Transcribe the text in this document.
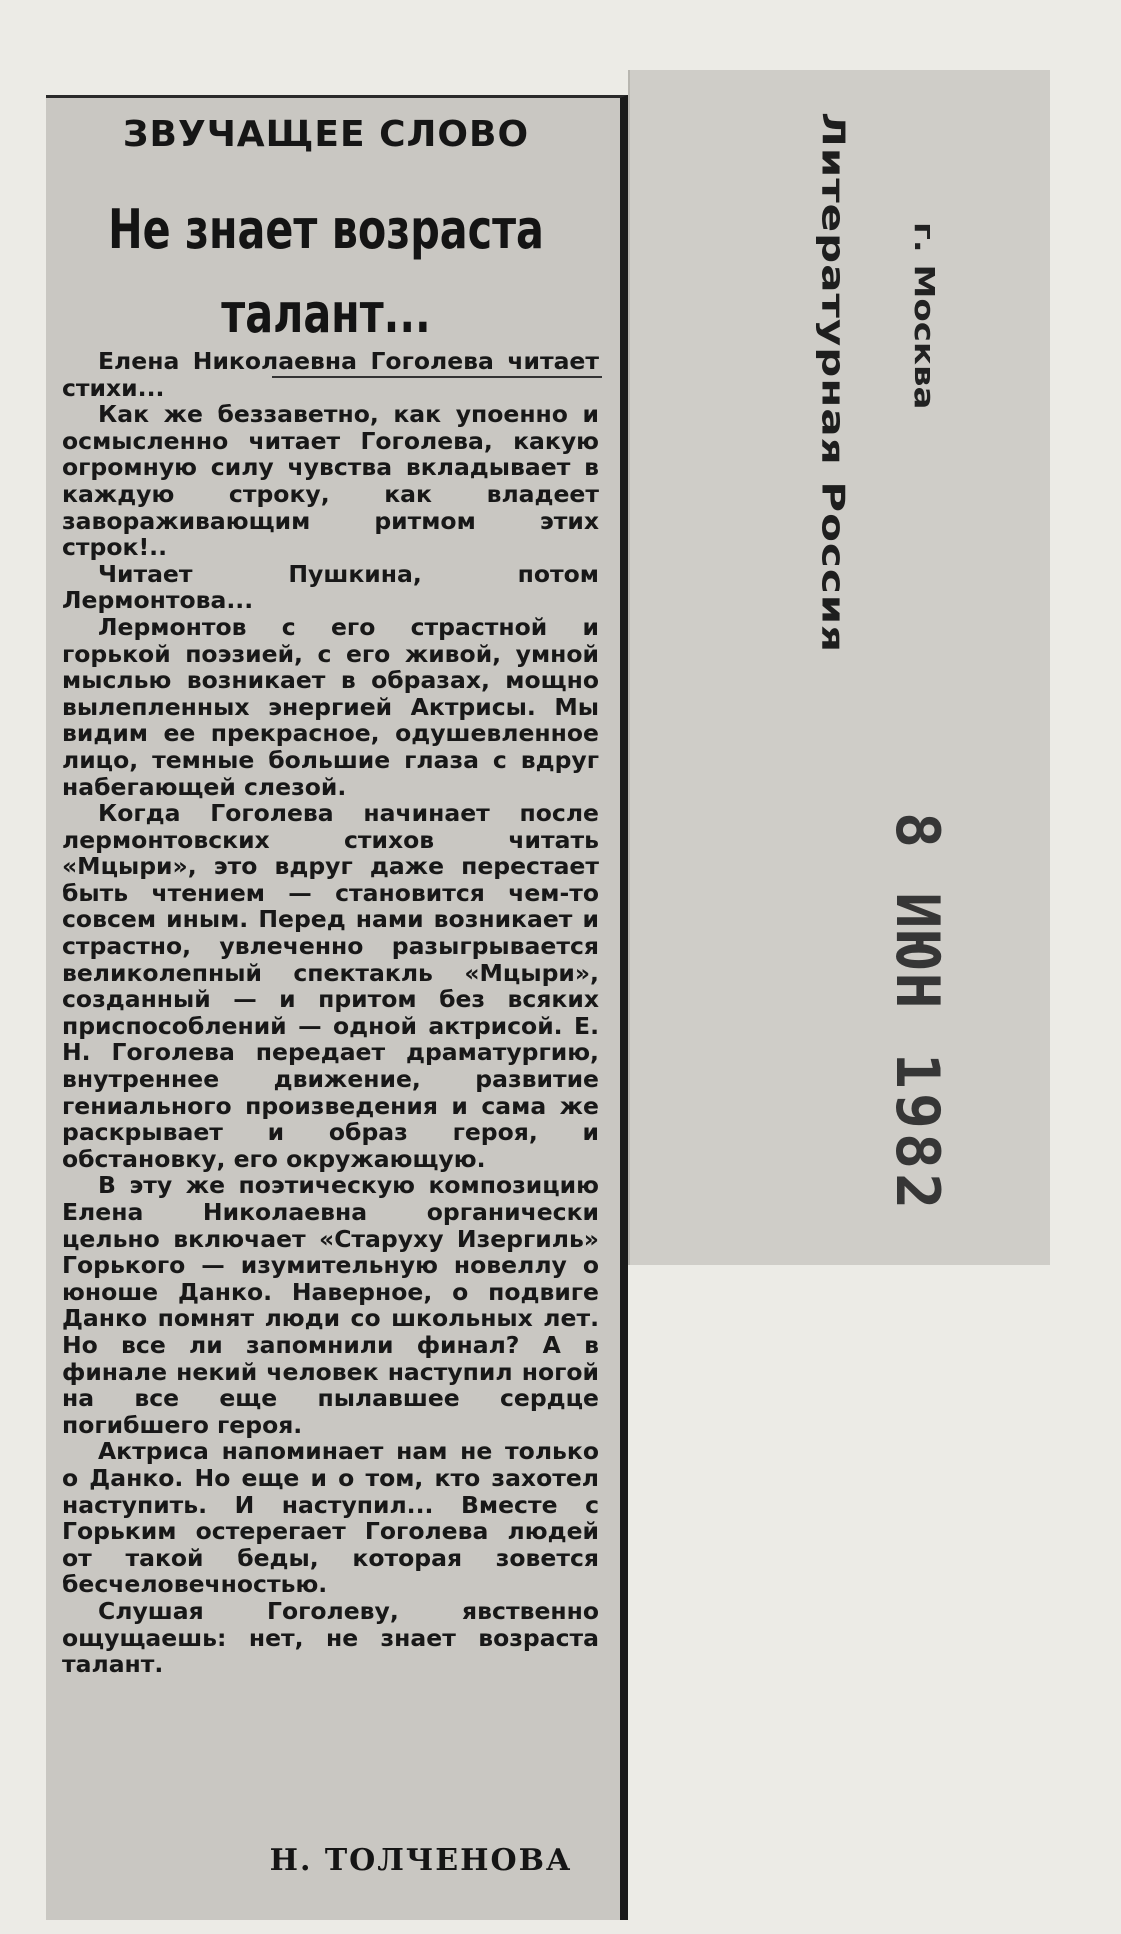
Литературная Россия г. Москва
8 ИЮН 1982
ЗВУЧАЩЕЕ СЛОВО
Не знает возраста
талант...

Елена Николаевна Гоголева читает стихи...

Как же беззаветно, как упоенно и осмысленно читает Гоголева, какую огромную силу чувства вкладывает в каждую строку, как владеет завораживающим ритмом этих строк!..

Читает Пушкина, потом Лермонтова...

Лермонтов с его страстной и горькой поэзией, с его живой, умной мыслью возникает в образах, мощно вылепленных энергией Актрисы. Мы видим ее прекрасное, одушевленное лицо, темные большие глаза с вдруг набегающей слезой.

Когда Гоголева начинает после лермонтовских стихов читать «Мцыри», это вдруг даже перестает быть чтением — становится чем-то совсем иным. Перед нами возникает и страстно, увлеченно разыгрывается великолепный спектакль «Мцыри», созданный — и притом без всяких приспособлений — одной актрисой. Е. Н. Гоголева передает драматургию, внутреннее движение, развитие гениального произведения и сама же раскрывает и образ героя, и обстановку, его окружающую.

В эту же поэтическую композицию Елена Николаевна органически цельно включает «Старуху Изергиль» Горького — изумительную новеллу о юноше Данко. Наверное, о подвиге Данко помнят люди со школьных лет. Но все ли запомнили финал? А в финале некий человек наступил ногой на все еще пылавшее сердце погибшего героя.

Актриса напоминает нам не только о Данко. Но еще и о том, кто захотел наступить. И наступил... Вместе с Горьким остерегает Гоголева людей от такой беды, которая зовется бесчеловечностью.

Слушая Гоголеву, явственно ощущаешь: нет, не знает возраста талант.

Н. ТОЛЧЕНОВА
